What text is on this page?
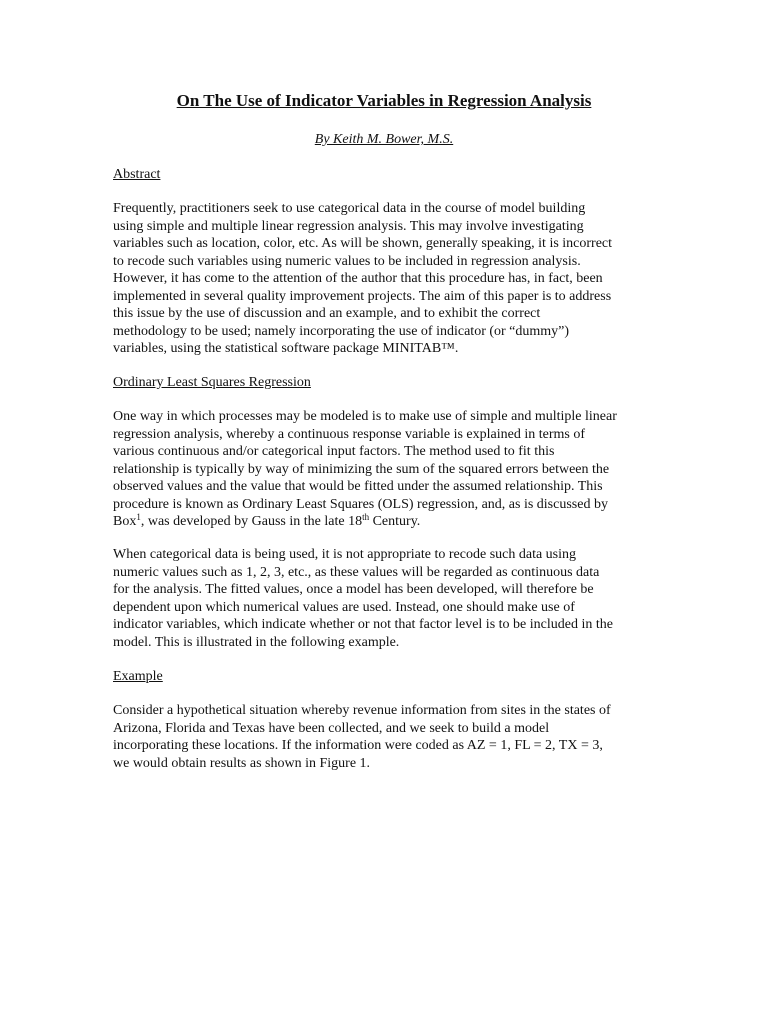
On The Use of Indicator Variables in Regression Analysis
By Keith M. Bower, M.S.
Abstract
Frequently, practitioners seek to use categorical data in the course of model building
using simple and multiple linear regression analysis. This may involve investigating
variables such as location, color, etc. As will be shown, generally speaking, it is incorrect
to recode such variables using numeric values to be included in regression analysis.
However, it has come to the attention of the author that this procedure has, in fact, been
implemented in several quality improvement projects. The aim of this paper is to address
this issue by the use of discussion and an example, and to exhibit the correct
methodology to be used; namely incorporating the use of indicator (or “dummy”)
variables, using the statistical software package MINITAB™.
Ordinary Least Squares Regression
One way in which processes may be modeled is to make use of simple and multiple linear
regression analysis, whereby a continuous response variable is explained in terms of
various continuous and/or categorical input factors. The method used to fit this
relationship is typically by way of minimizing the sum of the squared errors between the
observed values and the value that would be fitted under the assumed relationship. This
procedure is known as Ordinary Least Squares (OLS) regression, and, as is discussed by
Box$^1$, was developed by Gauss in the late 18th Century.
When categorical data is being used, it is not appropriate to recode such data using
numeric values such as 1, 2, 3, etc., as these values will be regarded as continuous data
for the analysis. The fitted values, once a model has been developed, will therefore be
dependent upon which numerical values are used. Instead, one should make use of
indicator variables, which indicate whether or not that factor level is to be included in the
model. This is illustrated in the following example.
Example
Consider a hypothetical situation whereby revenue information from sites in the states of
Arizona, Florida and Texas have been collected, and we seek to build a model
incorporating these locations. If the information were coded as AZ = 1, FL = 2, TX = 3,
we would obtain results as shown in Figure 1.
